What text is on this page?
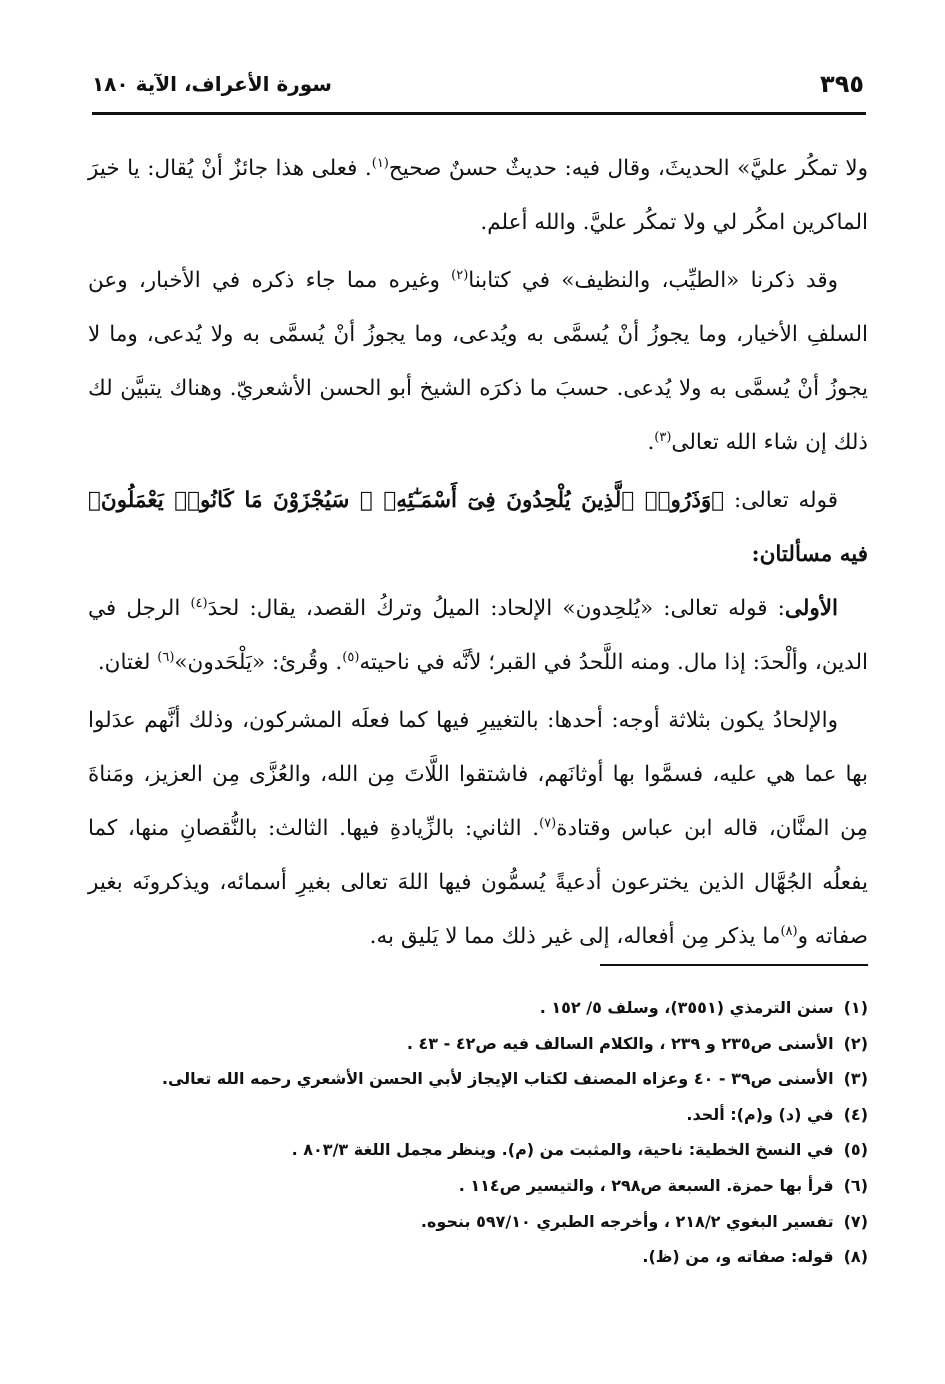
٣٩٥
سورة الأعراف، الآية ١٨٠

ولا تمكُر عليَّ» الحديثَ، وقال فيه: حديثٌ حسنٌ صحيح$^{(١)}$. فعلى هذا جائزٌ أنْ يُقال: يا خيرَ الماكرين امكُر لي ولا تمكُر عليَّ. والله أعلم.

وقد ذكرنا «الطيِّب، والنظيف» في كتابنا$^{(٢)}$ وغيره مما جاء ذكره في الأخبار، وعن السلفِ الأخيار، وما يجوزُ أنْ يُسمَّى به ويُدعى، وما يجوزُ أنْ يُسمَّى به ولا يُدعى، وما لا يجوزُ أنْ يُسمَّى به ولا يُدعى. حسبَ ما ذكرَه الشيخ أبو الحسن الأشعريّ. وهناك يتبيَّن لك ذلك إن شاء الله تعالى$^{(٣)}$.

قوله تعالى: ﴿وَذَرُوا۟ ٱلَّذِينَ يُلْحِدُونَ فِىٓ أَسْمَـٰٓئِهِۦ ۚ سَيُجْزَوْنَ مَا كَانُوا۟ يَعْمَلُونَ﴾ فيه مسألتان:

الأولى: قوله تعالى: «يُلحِدون» الإلحاد: الميلُ وتركُ القصد، يقال: لحدَ$^{(٤)}$ الرجل في الدين، وألْحدَ: إذا مال. ومنه اللَّحدُ في القبر؛ لأنَّه في ناحيته$^{(٥)}$. وقُرئ: «يَلْحَدون»$^{(٦)}$ لغتان.

والإلحادُ يكون بثلاثة أوجه: أحدها: بالتغييرِ فيها كما فعلَه المشركون، وذلك أنَّهم عدَلوا بها عما هي عليه، فسمَّوا بها أوثانَهم، فاشتقوا اللَّاتَ مِن الله، والعُزَّى مِن العزيز، ومَناةَ مِن المنَّان، قاله ابن عباس وقتادة$^{(٧)}$. الثاني: بالزِّيادةِ فيها. الثالث: بالنُّقصانِ منها، كما يفعلُه الجُهَّال الذين يخترعون أدعيةً يُسمُّون فيها اللهَ تعالى بغيرِ أسمائه، ويذكرونَه بغير صفاته و$^{(٨)}$ما يذكر مِن أفعاله، إلى غير ذلك مما لا يَليق به.

(١)سنن الترمذي (٣٥٥١)، وسلف ٥/ ١٥٢ .

(٢)الأسنى ص٢٣٥ و ٢٣٩ ، والكلام السالف فيه ص٤٢ - ٤٣ .

(٣)الأسنى ص٣٩ - ٤٠ وعزاه المصنف لكتاب الإيجاز لأبي الحسن الأشعري رحمه الله تعالى.

(٤)في (د) و(م): ألحد.

(٥)في النسخ الخطية: ناحية، والمثبت من (م). وينظر مجمل اللغة ٨٠٣/٣ .

(٦)قرأ بها حمزة. السبعة ص٢٩٨ ، والتيسير ص١١٤ .

(٧)تفسير البغوي ٢١٨/٢ ، وأخرجه الطبري ٥٩٧/١٠ بنحوه.

(٨)قوله: صفاته و، من (ظ).
